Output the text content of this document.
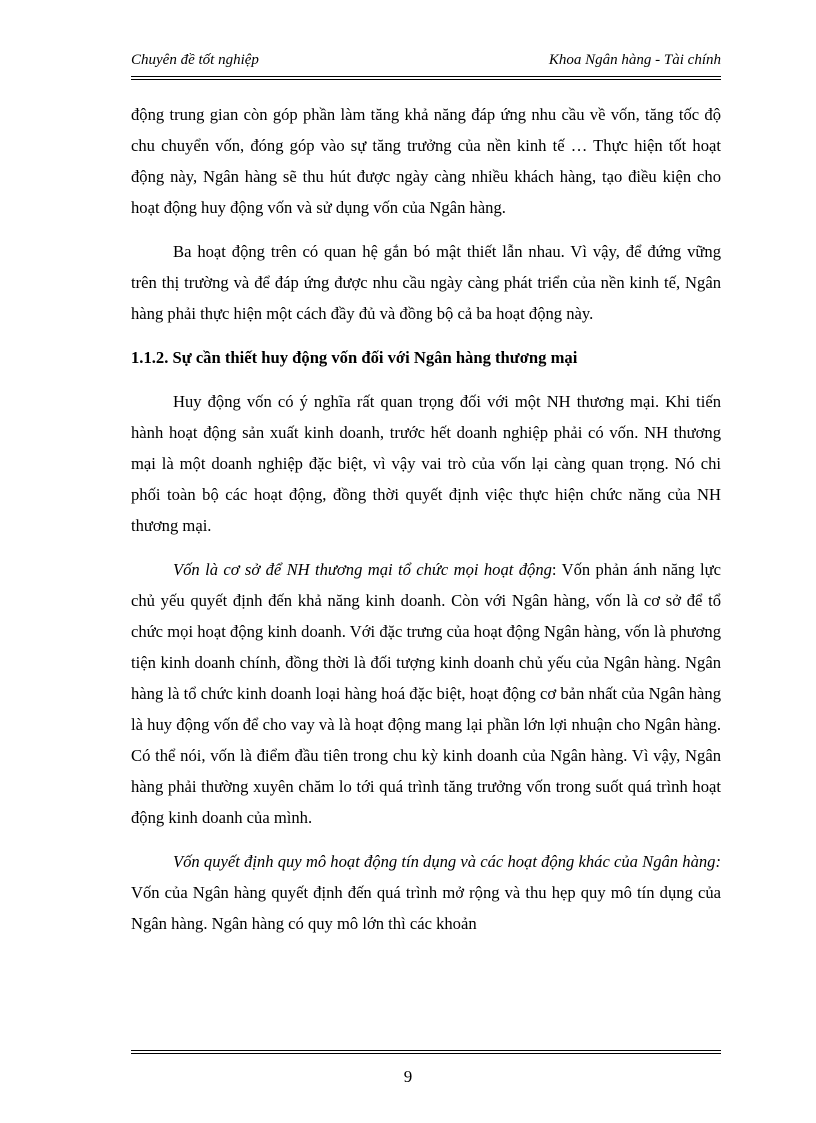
Chuyên đề tốt nghiệp	Khoa Ngân hàng - Tài chính

động trung gian còn góp phần làm tăng khả năng đáp ứng nhu cầu về vốn, tăng tốc độ chu chuyển vốn, đóng góp vào sự tăng trưởng của nền kinh tế … Thực hiện tốt hoạt động này, Ngân hàng sẽ thu hút được ngày càng nhiều khách hàng, tạo điều kiện cho hoạt động huy động vốn và sử dụng vốn của Ngân hàng.

Ba hoạt động trên có quan hệ gắn bó mật thiết lẫn nhau. Vì vậy, để đứng vững trên thị trường và để đáp ứng được nhu cầu ngày càng phát triển của nền kinh tế, Ngân hàng phải thực hiện một cách đầy đủ và đồng bộ cả ba hoạt động này.

1.1.2. Sự cần thiết huy động vốn đối với Ngân hàng thương mại

Huy động vốn có ý nghĩa rất quan trọng đối với một NH thương mại. Khi tiến hành hoạt động sản xuất kinh doanh, trước hết doanh nghiệp phải có vốn. NH thương mại là một doanh nghiệp đặc biệt, vì vậy vai trò của vốn lại càng quan trọng. Nó chi phối toàn bộ các hoạt động, đồng thời quyết định việc thực hiện chức năng của NH thương mại.

Vốn là cơ sở để NH thương mại tổ chức mọi hoạt động: Vốn phản ánh năng lực chủ yếu quyết định đến khả năng kinh doanh. Còn với Ngân hàng, vốn là cơ sở để tổ chức mọi hoạt động kinh doanh. Với đặc trưng của hoạt động Ngân hàng, vốn là phương tiện kinh doanh chính, đồng thời là đối tượng kinh doanh chủ yếu của Ngân hàng. Ngân hàng là tổ chức kinh doanh loại hàng hoá đặc biệt, hoạt động cơ bản nhất của Ngân hàng là huy động vốn để cho vay và là hoạt động mang lại phần lớn lợi nhuận cho Ngân hàng. Có thể nói, vốn là điểm đầu tiên trong chu kỳ kinh doanh của Ngân hàng. Vì vậy, Ngân hàng phải thường xuyên chăm lo tới quá trình tăng trưởng vốn trong suốt quá trình hoạt động kinh doanh của mình.

Vốn quyết định quy mô hoạt động tín dụng và các hoạt động khác của Ngân hàng: Vốn của Ngân hàng quyết định đến quá trình mở rộng và thu hẹp quy mô tín dụng của Ngân hàng. Ngân hàng có quy mô lớn thì các khoản

9
